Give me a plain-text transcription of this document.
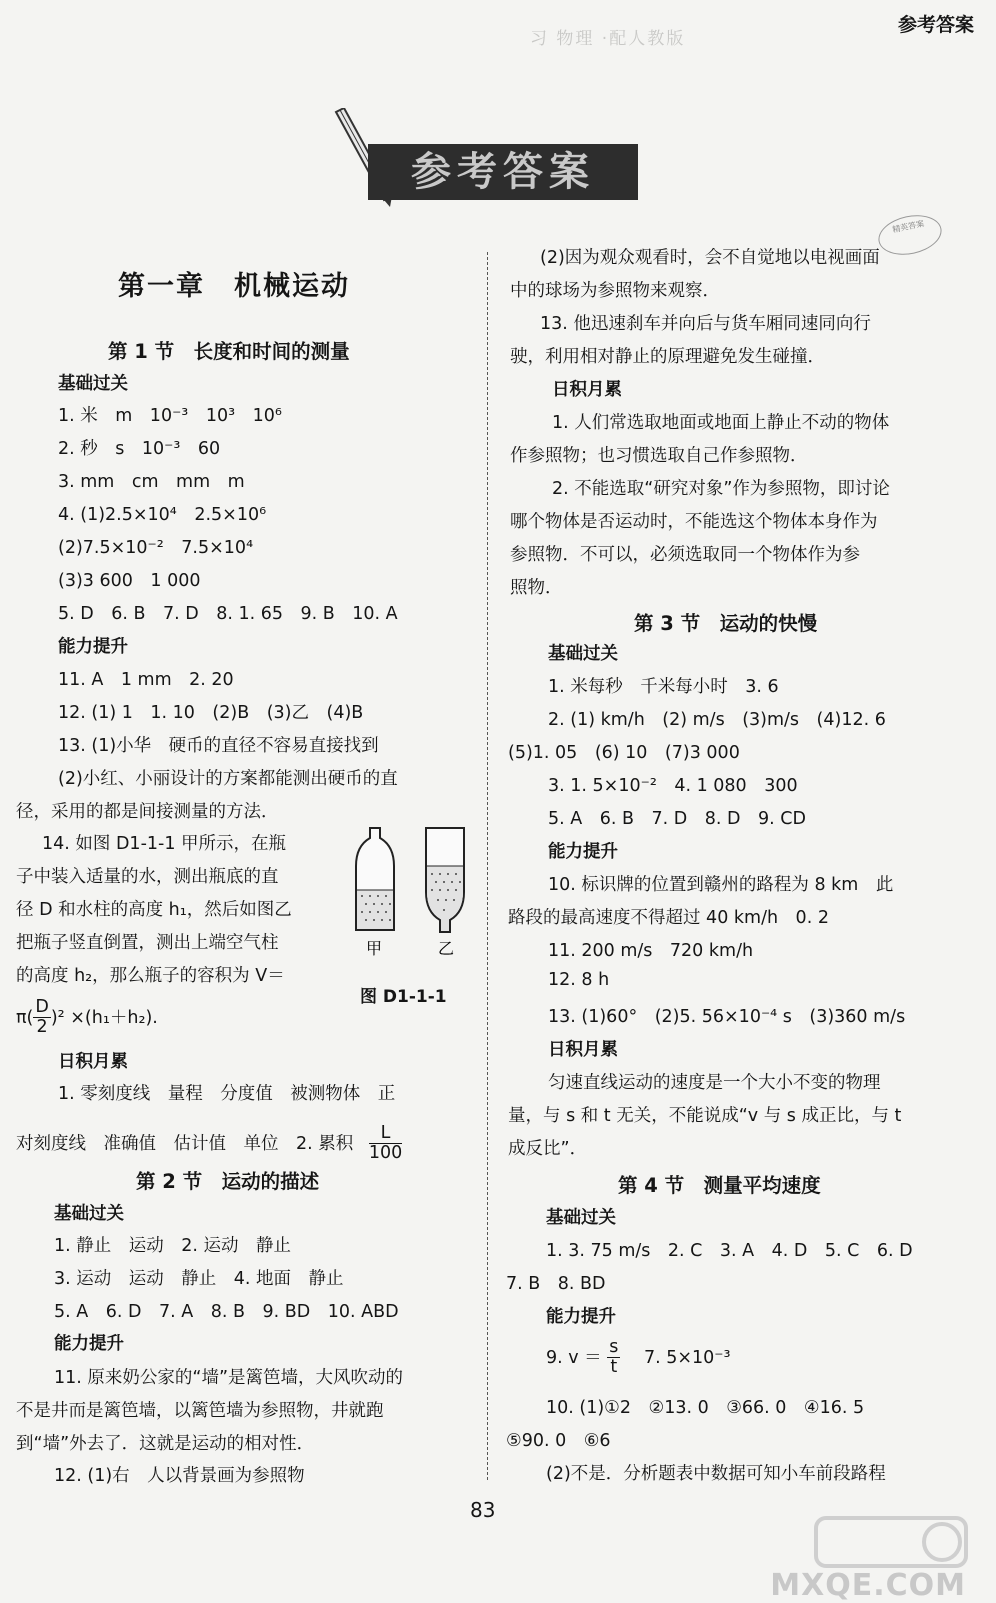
参考答案
习 物理 ·配人教版
参考答案
精英答案
第一章　机械运动
第 1 节　长度和时间的测量
基础过关
1. 米　m　10⁻³　10³　10⁶
2. 秒　s　10⁻³　60
3. mm　cm　mm　m
4. (1)2.5×10⁴　2.5×10⁶
(2)7.5×10⁻²　7.5×10⁴
(3)3 600　1 000
5. D　6. B　7. D　8. 1. 65　9. B　10. A
能力提升
11. A　1 mm　2. 20
12. (1) 1　1. 10　(2)B　(3)乙　(4)B
13. (1)小华　硬币的直径不容易直接找到
(2)小红、小丽设计的方案都能测出硬币的直
径，采用的都是间接测量的方法．
14. 如图 D1-1-1 甲所示，在瓶
子中装入适量的水，测出瓶底的直
径 D 和水柱的高度 h₁，然后如图乙
把瓶子竖直倒置，测出上端空气柱
的高度 h₂，那么瓶子的容积为 V＝
$\pi( \frac{D}{2} )^2 \times(h_1+h_2)$.
日积月累
1. 零刻度线　量程　分度值　被测物体　正
对刻度线　准确值　估计值　单位　2. 累积 $\frac{L}{100}$
第 2 节　运动的描述
基础过关
1. 静止　运动　2. 运动　静止
3. 运动　运动　静止　4. 地面　静止
5. A　6. D　7. A　8. B　9. BD　10. ABD
能力提升
11. 原来奶公家的“墙”是篱笆墙，大风吹动的
不是井而是篱笆墙，以篱笆墙为参照物，井就跑
到“墙”外去了．这就是运动的相对性．
12. (1)右　人以背景画为参照物
甲	乙
图 D1-1-1
(2)因为观众观看时，会不自觉地以电视画面
中的球场为参照物来观察．
13. 他迅速刹车并向后与货车厢同速同向行
驶，利用相对静止的原理避免发生碰撞．
日积月累
1. 人们常选取地面或地面上静止不动的物体
作参照物；也习惯选取自己作参照物．
2. 不能选取“研究对象”作为参照物，即讨论
哪个物体是否运动时，不能选这个物体本身作为
参照物．不可以，必须选取同一个物体作为参
照物．
第 3 节　运动的快慢
基础过关
1. 米每秒　千米每小时　3. 6
2. (1) km/h　(2) m/s　(3)m/s　(4)12. 6
(5)1. 05　(6) 10　(7)3 000
3. 1. 5×10⁻²　4. 1 080　300
5. A　6. B　7. D　8. D　9. CD
能力提升
10. 标识牌的位置到赣州的路程为 8 km　此
路段的最高速度不得超过 40 km/h　0. 2
11. 200 m/s　720 km/h
12. 8 h
13. (1)60°　(2)5. 56×10⁻⁴ s　(3)360 m/s
日积月累
匀速直线运动的速度是一个大小不变的物理
量，与 s 和 t 无关，不能说成“v 与 s 成正比，与 t
成反比”．
第 4 节　测量平均速度
基础过关
1. 3. 75 m/s　2. C　3. A　4. D　5. C　6. D
7. B　8. BD
能力提升
9. $v = \frac{s}{t} 7$. 5×10⁻³
10. (1)①2　②13. 0　③66. 0　④16. 5
⑤90. 0　⑥6
(2)不是．分析题表中数据可知小车前段路程
83
MXQE.COM
